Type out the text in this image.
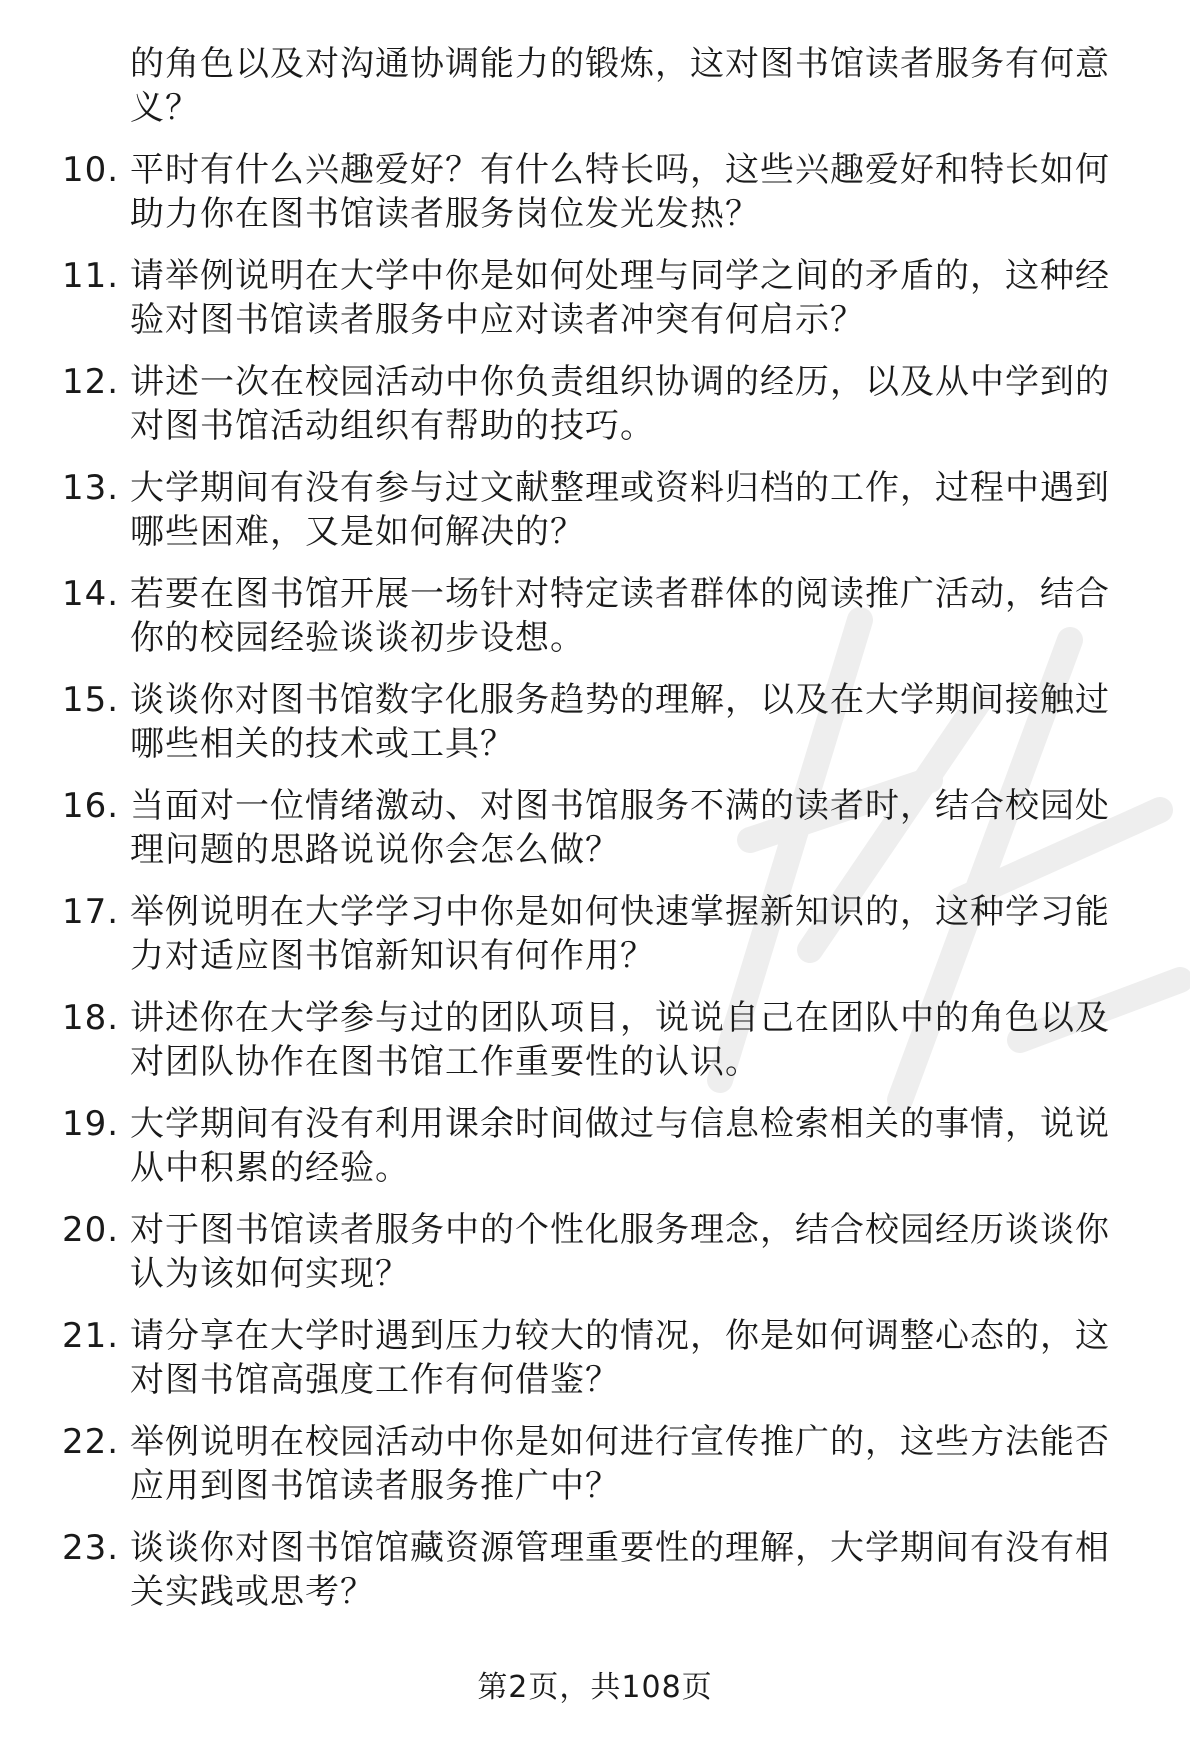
的角色以及对沟通协调能力的锻炼，这对图书馆读者服务有何意
义？

10. 平时有什么兴趣爱好？有什么特长吗，这些兴趣爱好和特长如何
助力你在图书馆读者服务岗位发光发热？
11. 请举例说明在大学中你是如何处理与同学之间的矛盾的，这种经
验对图书馆读者服务中应对读者冲突有何启示？
12. 讲述一次在校园活动中你负责组织协调的经历，以及从中学到的
对图书馆活动组织有帮助的技巧。
13. 大学期间有没有参与过文献整理或资料归档的工作，过程中遇到
哪些困难，又是如何解决的？
14. 若要在图书馆开展一场针对特定读者群体的阅读推广活动，结合
你的校园经验谈谈初步设想。
15. 谈谈你对图书馆数字化服务趋势的理解，以及在大学期间接触过
哪些相关的技术或工具？
16. 当面对一位情绪激动、对图书馆服务不满的读者时，结合校园处
理问题的思路说说你会怎么做？
17. 举例说明在大学学习中你是如何快速掌握新知识的，这种学习能
力对适应图书馆新知识有何作用？
18. 讲述你在大学参与过的团队项目，说说自己在团队中的角色以及
对团队协作在图书馆工作重要性的认识。
19. 大学期间有没有利用课余时间做过与信息检索相关的事情，说说
从中积累的经验。
20. 对于图书馆读者服务中的个性化服务理念，结合校园经历谈谈你
认为该如何实现？
21. 请分享在大学时遇到压力较大的情况，你是如何调整心态的，这
对图书馆高强度工作有何借鉴？
22. 举例说明在校园活动中你是如何进行宣传推广的，这些方法能否
应用到图书馆读者服务推广中？
23. 谈谈你对图书馆馆藏资源管理重要性的理解，大学期间有没有相
关实践或思考？
第2页，共108页
